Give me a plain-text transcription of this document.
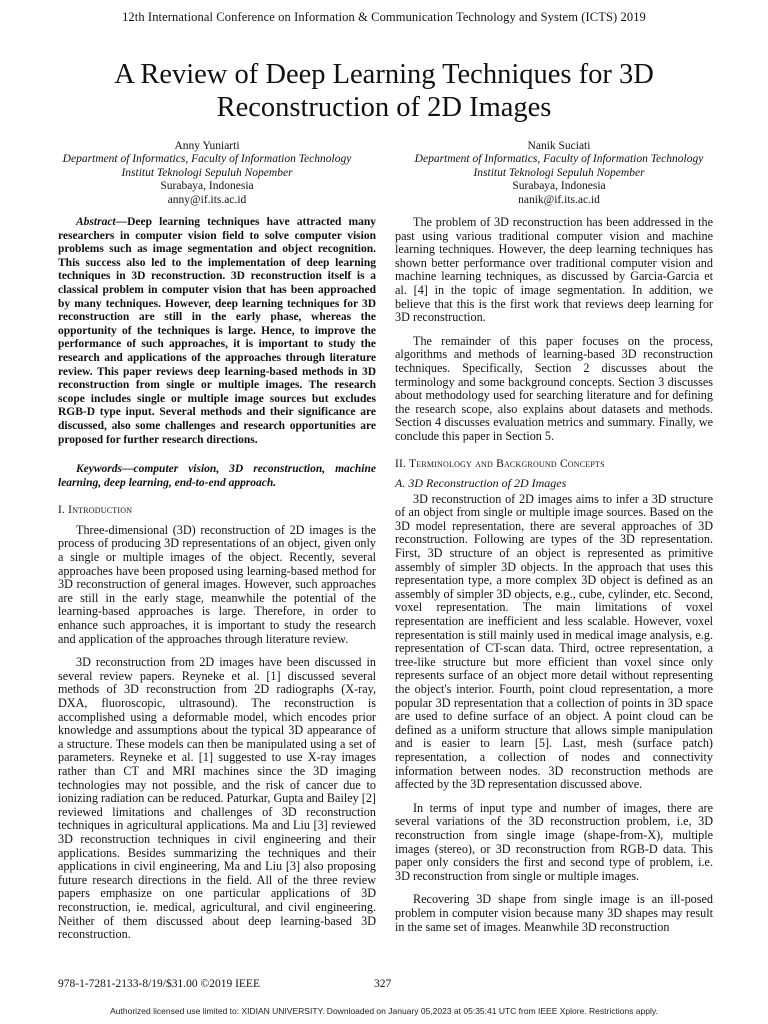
12th International Conference on Information & Communication Technology and System (ICTS) 2019
A Review of Deep Learning Techniques for 3D
Reconstruction of 2D Images
Anny Yuniarti
Department of Informatics, Faculty of Information Technology
Institut Teknologi Sepuluh Nopember
Surabaya, Indonesia
anny@if.its.ac.id
Nanik Suciati
Department of Informatics, Faculty of Information Technology
Institut Teknologi Sepuluh Nopember
Surabaya, Indonesia
nanik@if.its.ac.id

Abstract—Deep learning techniques have attracted many researchers in computer vision field to solve computer vision problems such as image segmentation and object recognition. This success also led to the implementation of deep learning techniques in 3D reconstruction. 3D reconstruction itself is a classical problem in computer vision that has been approached by many techniques. However, deep learning techniques for 3D reconstruction are still in the early phase, whereas the opportunity of the techniques is large. Hence, to improve the performance of such approaches, it is important to study the research and applications of the approaches through literature review. This paper reviews deep learning-based methods in 3D reconstruction from single or multiple images. The research scope includes single or multiple image sources but excludes RGB-D type input. Several methods and their significance are discussed, also some challenges and research opportunities are proposed for further research directions.

Keywords—computer vision, 3D reconstruction, machine learning, deep learning, end-to-end approach.

I. Introduction

Three-dimensional (3D) reconstruction of 2D images is the process of producing 3D representations of an object, given only a single or multiple images of the object. Recently, several approaches have been proposed using learning-based method for 3D reconstruction of general images. However, such approaches are still in the early stage, meanwhile the potential of the learning-based approaches is large. Therefore, in order to enhance such approaches, it is important to study the research and application of the approaches through literature review.

3D reconstruction from 2D images have been discussed in several review papers. Reyneke et al. [1] discussed several methods of 3D reconstruction from 2D radiographs (X-ray, DXA, fluoroscopic, ultrasound). The reconstruction is accomplished using a deformable model, which encodes prior knowledge and assumptions about the typical 3D appearance of a structure. These models can then be manipulated using a set of parameters. Reyneke et al. [1] suggested to use X-ray images rather than CT and MRI machines since the 3D imaging technologies may not possible, and the risk of cancer due to ionizing radiation can be reduced. Paturkar, Gupta and Bailey [2] reviewed limitations and challenges of 3D reconstruction techniques in agricultural applications. Ma and Liu [3] reviewed 3D reconstruction techniques in civil engineering and their applications. Besides summarizing the techniques and their applications in civil engineering, Ma and Liu [3] also proposing future research directions in the field. All of the three review papers emphasize on one particular applications of 3D reconstruction, ie. medical, agricultural, and civil engineering. Neither of them discussed about deep learning-based 3D reconstruction.

The problem of 3D reconstruction has been addressed in the past using various traditional computer vision and machine learning techniques. However, the deep learning techniques has shown better performance over traditional computer vision and machine learning techniques, as discussed by Garcia-Garcia et al. [4] in the topic of image segmentation. In addition, we believe that this is the first work that reviews deep learning for 3D reconstruction.

The remainder of this paper focuses on the process, algorithms and methods of learning-based 3D reconstruction techniques. Specifically, Section 2 discusses about the terminology and some background concepts. Section 3 discusses about methodology used for searching literature and for defining the research scope, also explains about datasets and methods. Section 4 discusses evaluation metrics and summary. Finally, we conclude this paper in Section 5.

II. Terminology and Background Concepts

A. 3D Reconstruction of 2D Images

3D reconstruction of 2D images aims to infer a 3D structure of an object from single or multiple image sources. Based on the 3D model representation, there are several approaches of 3D reconstruction. Following are types of the 3D representation. First, 3D structure of an object is represented as primitive assembly of simpler 3D objects. In the approach that uses this representation type, a more complex 3D object is defined as an assembly of simpler 3D objects, e.g., cube, cylinder, etc. Second, voxel representation. The main limitations of voxel representation are inefficient and less scalable. However, voxel representation is still mainly used in medical image analysis, e.g. representation of CT-scan data. Third, octree representation, a tree-like structure but more efficient than voxel since only represents surface of an object more detail without representing the object's interior. Fourth, point cloud representation, a more popular 3D representation that a collection of points in 3D space are used to define surface of an object. A point cloud can be defined as a uniform structure that allows simple manipulation and is easier to learn [5]. Last, mesh (surface patch) representation, a collection of nodes and connectivity information between nodes. 3D reconstruction methods are affected by the 3D representation discussed above.

In terms of input type and number of images, there are several variations of the 3D reconstruction problem, i.e, 3D reconstruction from single image (shape-from-X), multiple images (stereo), or 3D reconstruction from RGB-D data. This paper only considers the first and second type of problem, i.e. 3D reconstruction from single or multiple images.

Recovering 3D shape from single image is an ill-posed problem in computer vision because many 3D shapes may result in the same set of images. Meanwhile 3D reconstruction

978-1-7281-2133-8/19/$31.00 ©2019 IEEE	327
Authorized licensed use limited to: XIDIAN UNIVERSITY. Downloaded on January 05,2023 at 05:35:41 UTC from IEEE Xplore. Restrictions apply.
